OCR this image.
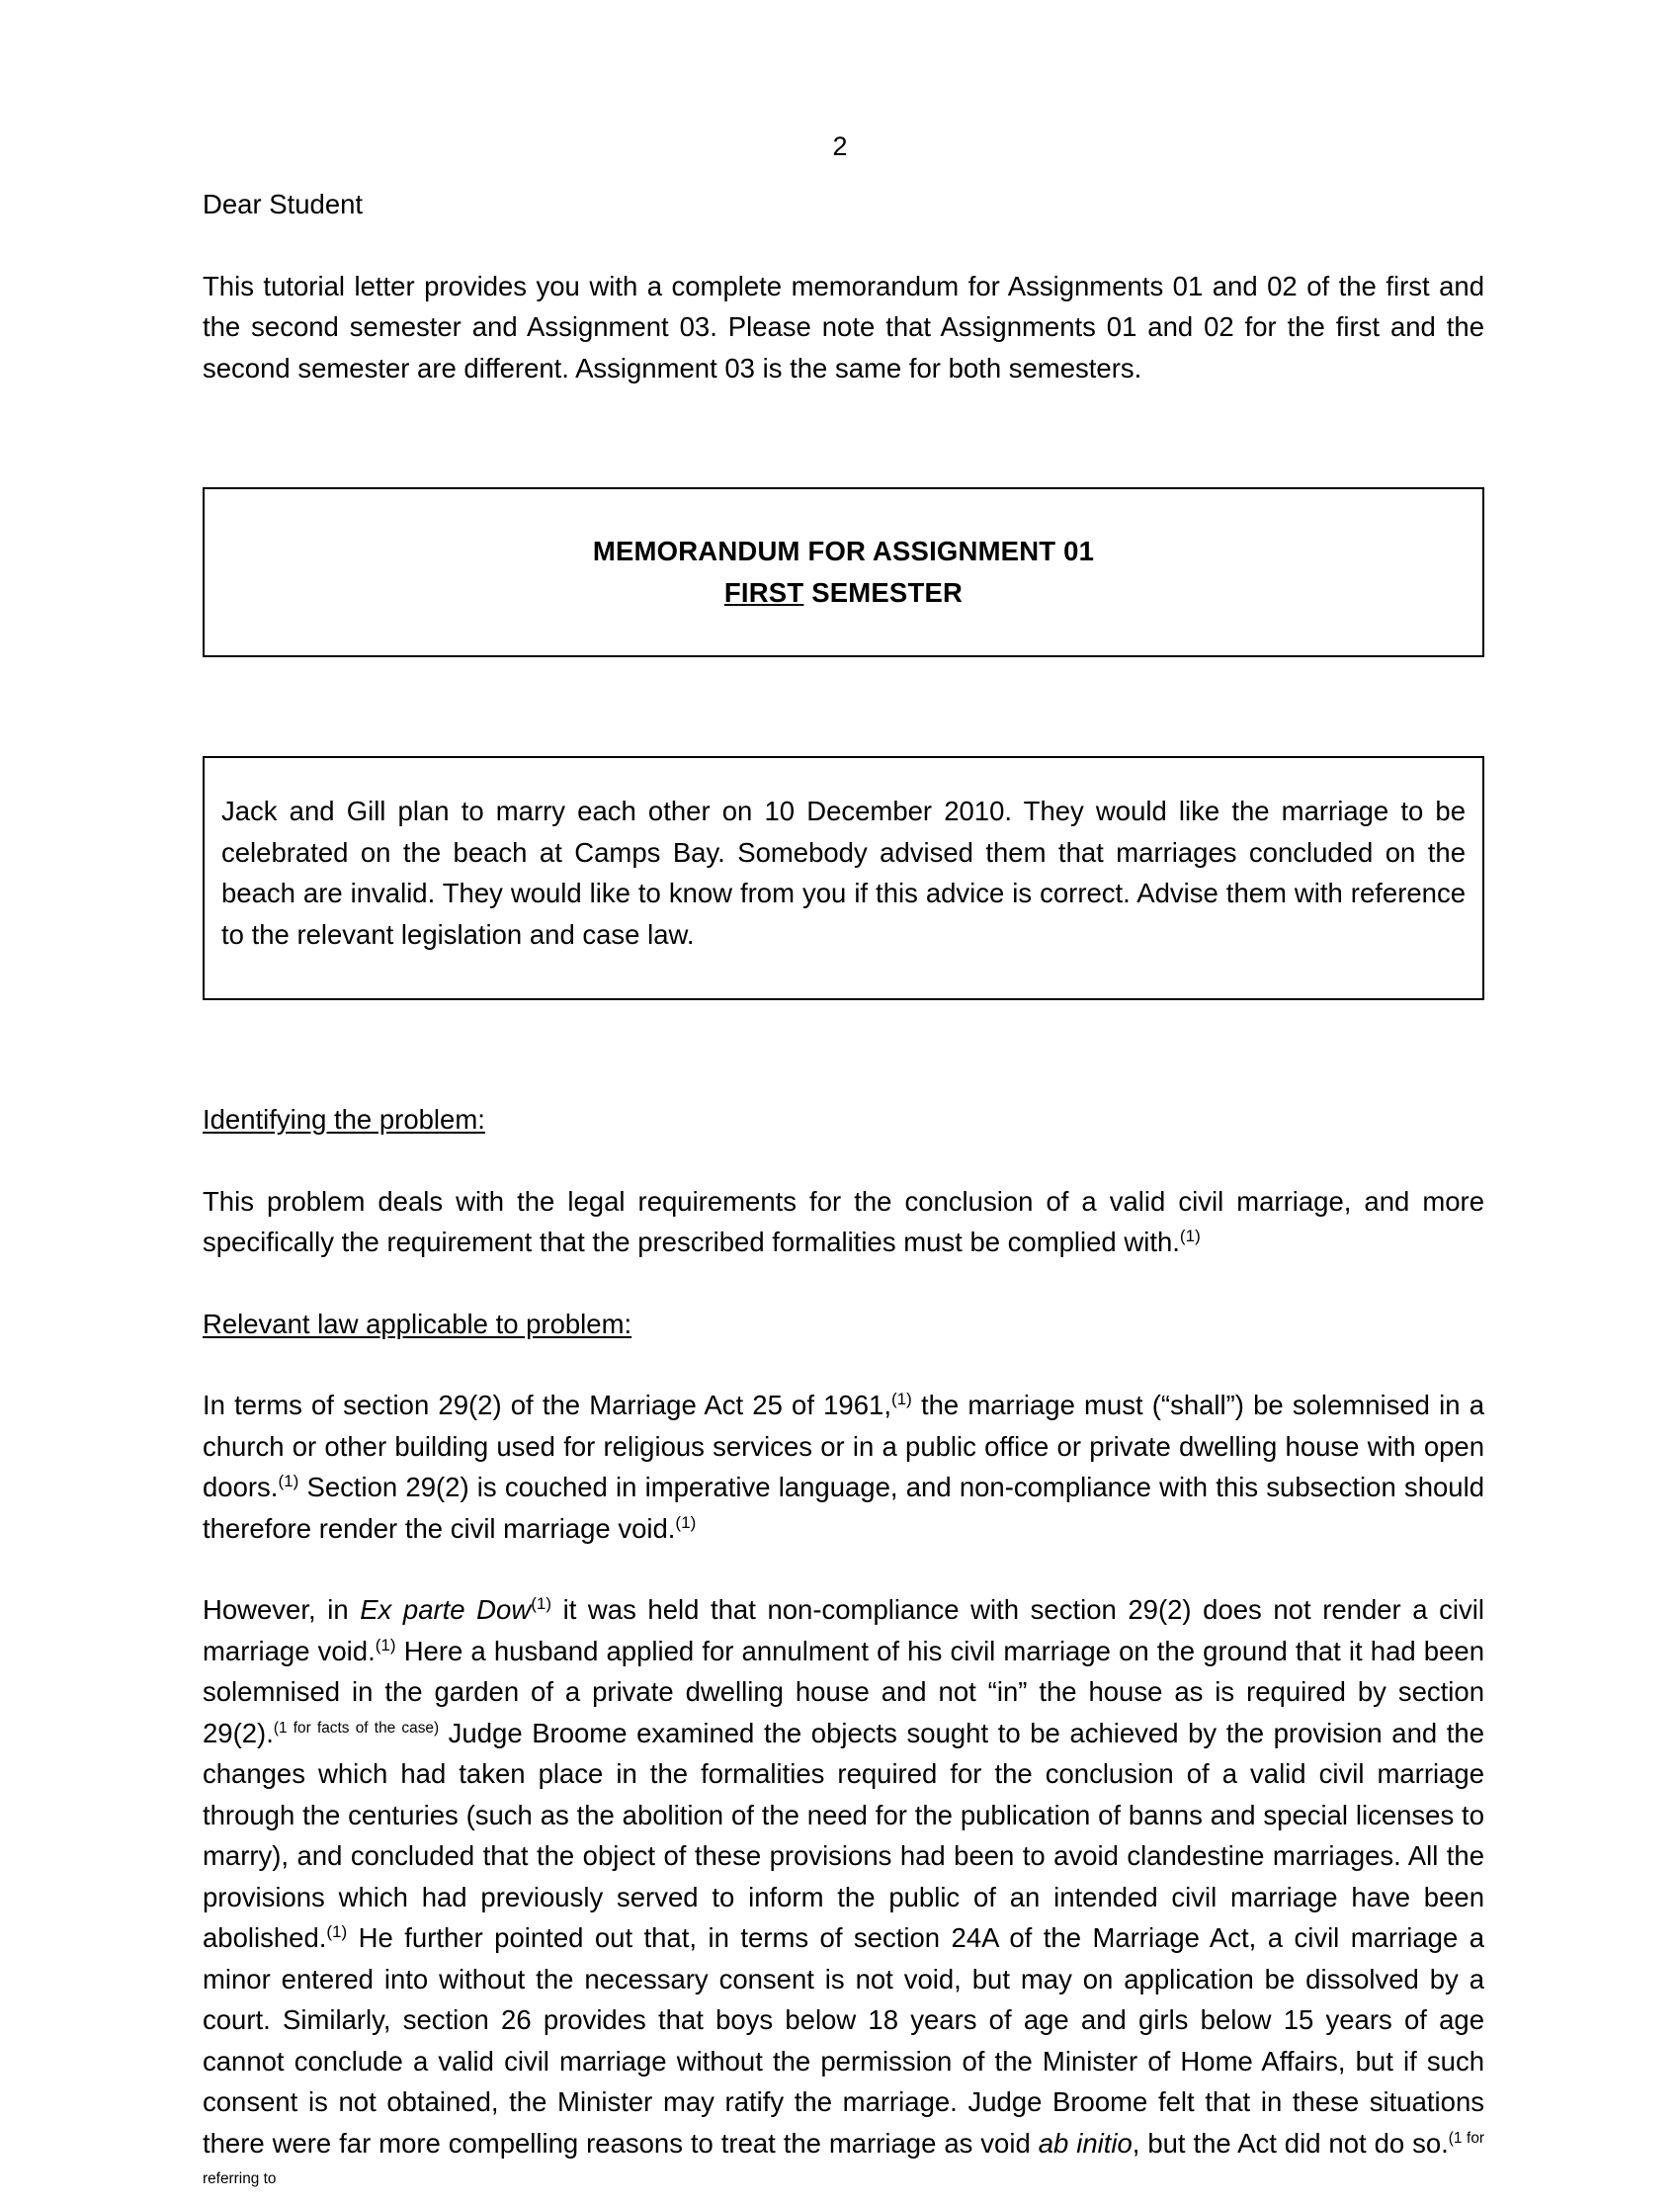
2

Dear Student

This tutorial letter provides you with a complete memorandum for Assignments 01 and 02 of the first and the second semester and Assignment 03. Please note that Assignments 01 and 02 for the first and the second semester are different. Assignment 03 is the same for both semesters.

MEMORANDUM FOR ASSIGNMENT 01
FIRST SEMESTER

Jack and Gill plan to marry each other on 10 December 2010. They would like the marriage to be celebrated on the beach at Camps Bay. Somebody advised them that marriages concluded on the beach are invalid. They would like to know from you if this advice is correct. Advise them with reference to the relevant legislation and case law.

Identifying the problem:

This problem deals with the legal requirements for the conclusion of a valid civil marriage, and more specifically the requirement that the prescribed formalities must be complied with.$^{(1)}$

Relevant law applicable to problem:

In terms of section 29(2) of the Marriage Act 25 of 1961,$^{(1)}$ the marriage must (“shall”) be solemnised in a church or other building used for religious services or in a public office or private dwelling house with open doors.$^{(1)}$ Section 29(2) is couched in imperative language, and non-compliance with this subsection should therefore render the civil marriage void.$^{(1)}$

However, in Ex parte Dow$^{(1)}$ it was held that non-compliance with section 29(2) does not render a civil marriage void.$^{(1)}$ Here a husband applied for annulment of his civil marriage on the ground that it had been solemnised in the garden of a private dwelling house and not “in” the house as is required by section 29(2).$^{(1 for facts of the case)}$ Judge Broome examined the objects sought to be achieved by the provision and the changes which had taken place in the formalities required for the conclusion of a valid civil marriage through the centuries (such as the abolition of the need for the publication of banns and special licenses to marry), and concluded that the object of these provisions had been to avoid clandestine marriages. All the provisions which had previously served to inform the public of an intended civil marriage have been abolished.$^{(1)}$ He further pointed out that, in terms of section 24A of the Marriage Act, a civil marriage a minor entered into without the necessary consent is not void, but may on application be dissolved by a court. Similarly, section 26 provides that boys below 18 years of age and girls below 15 years of age cannot conclude a valid civil marriage without the permission of the Minister of Home Affairs, but if such consent is not obtained, the Minister may ratify the marriage. Judge Broome felt that in these situations there were far more compelling reasons to treat the marriage as void ab initio, but the Act did not do so.$^{(1 for referring to}$
